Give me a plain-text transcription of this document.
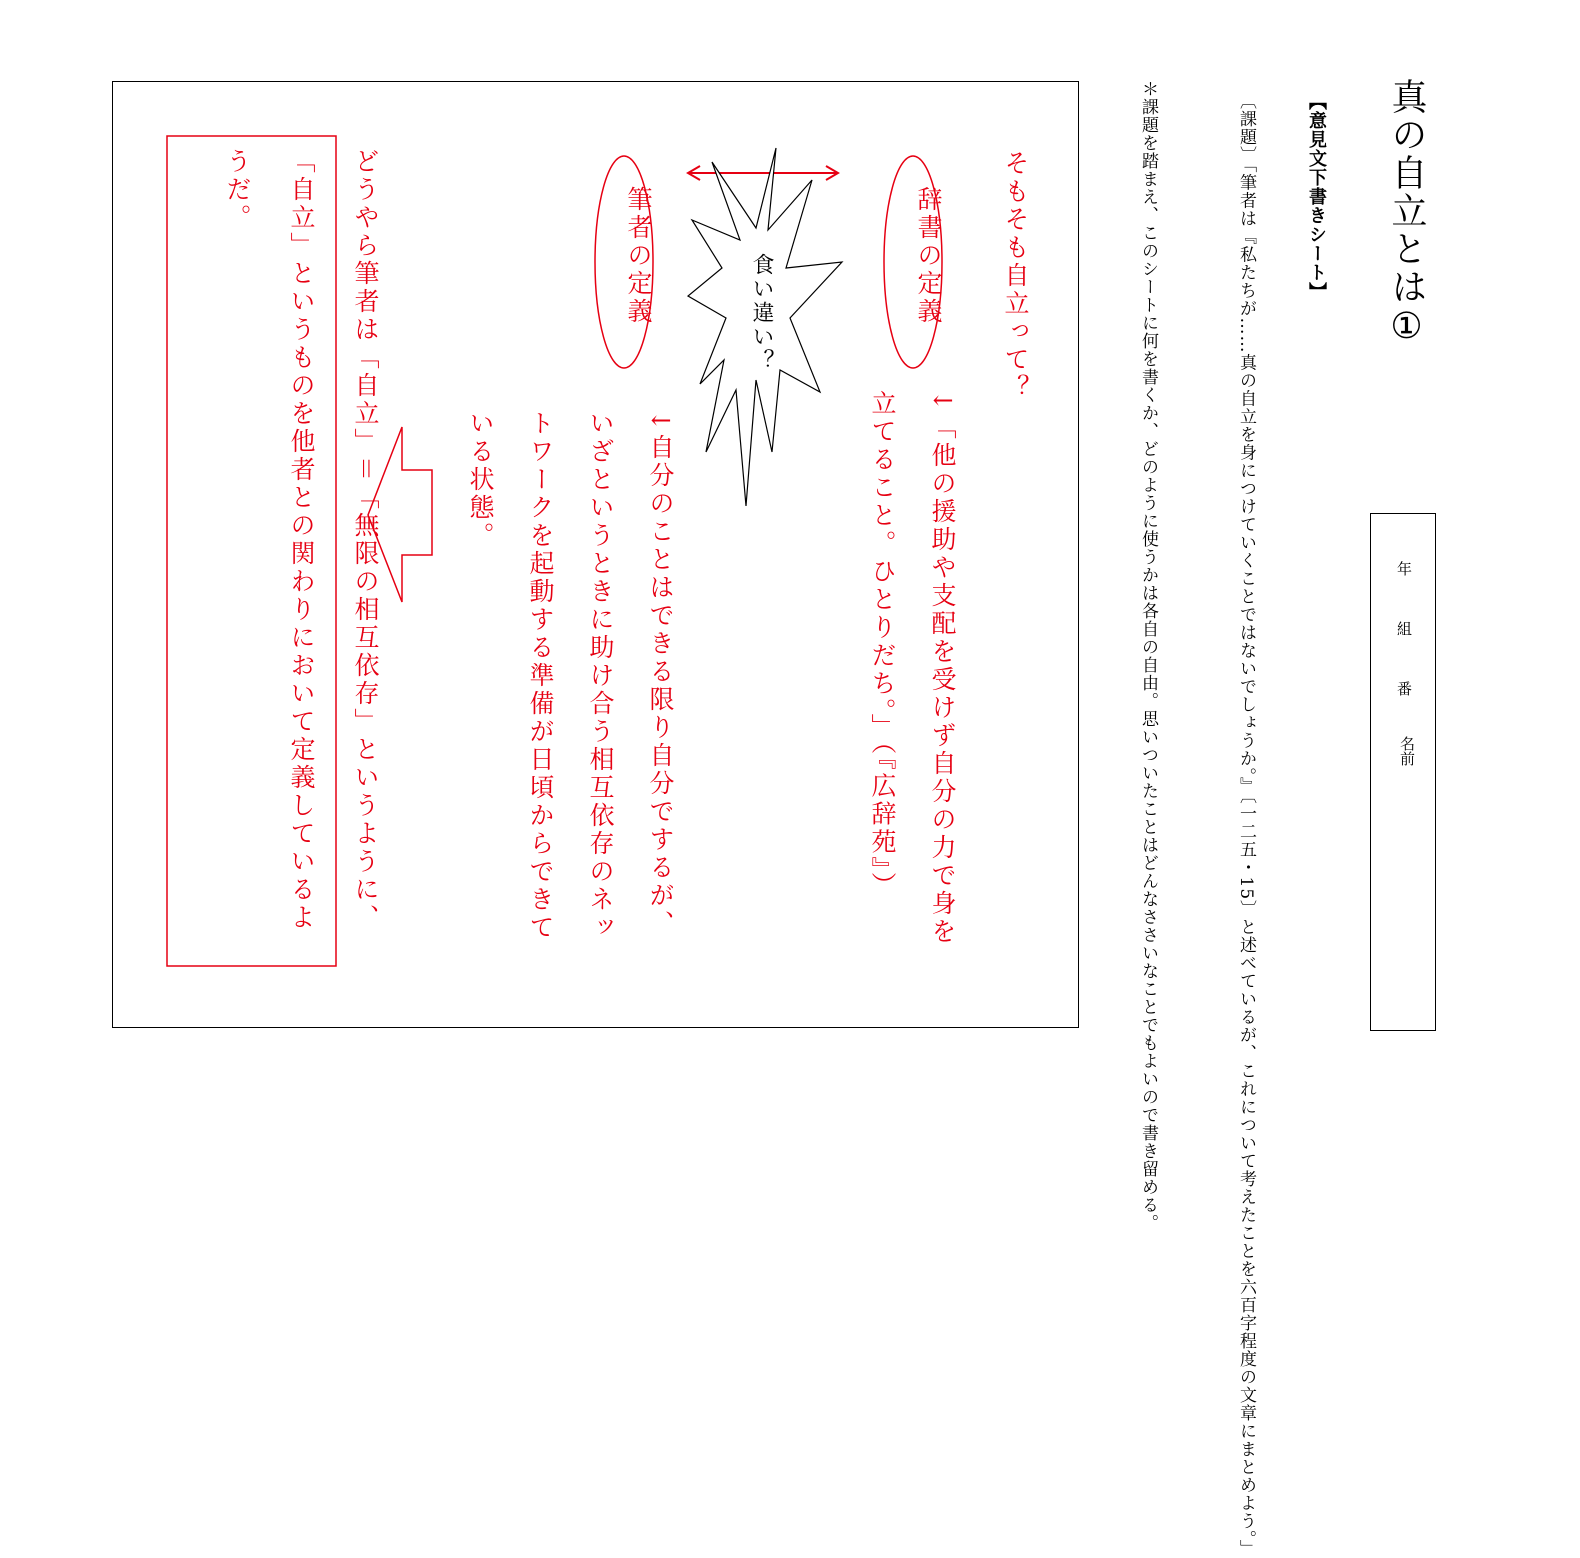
真の自立とは①
【意見文下書きシート】
〔課題〕「筆者は『私たちが……真の自立を身につけていくことではないでしょうか。』〔一二五・15〕と述べているが、これについて考えたことを六百字程度の文章にまとめよう。」
＊課題を踏まえ、このシートに何を書くか、どのように使うかは各自の自由。思いついたことはどんなささいなことでもよいので書き留める。	年
組
番
名前
そもそも自立って？
辞書の定義
↓「他の援助や支配を受けず自分の力で身を立てること。ひとりだち。」（『広辞苑』）
食い違い？
筆者の定義
↓自分のことはできる限り自分でするが、いざというときに助け合う相互依存のネットワークを起動する準備が日頃からできている状態。
どうやら筆者は「自立」＝「無限の相互依存」というように、「自立」というものを他者との関わりにおいて定義しているようだ。
